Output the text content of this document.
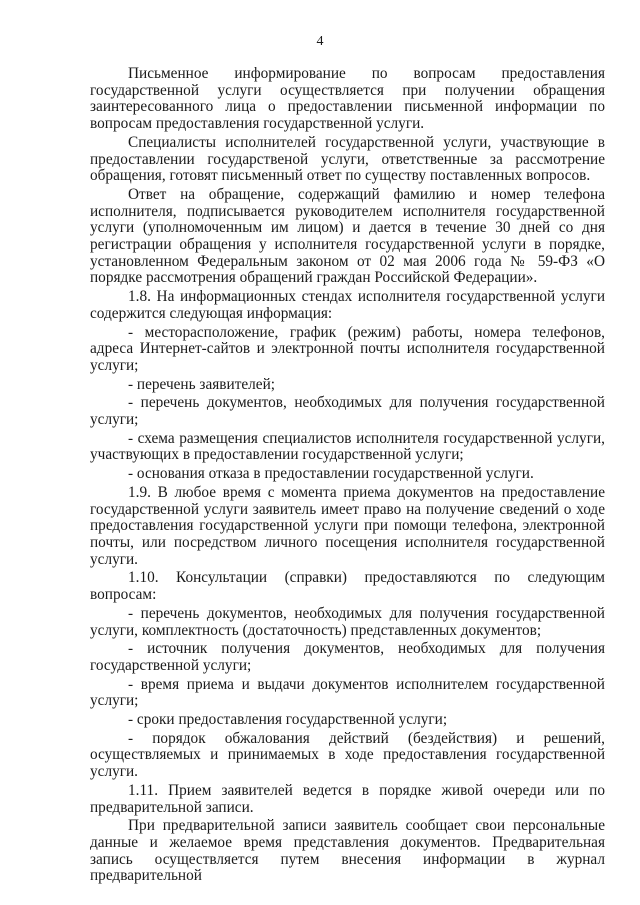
4

Письменное информирование по вопросам предоставления государственной услуги осуществляется при получении обращения заинтересованного лица о предоставлении письменной информации по вопросам предоставления государственной услуги.

Специалисты исполнителей государственной услуги, участвующие в предоставлении государственой услуги, ответственные за рассмотрение обращения, готовят письменный ответ по существу поставленных вопросов.

Ответ на обращение, содержащий фамилию и номер телефона исполнителя, подписывается руководителем исполнителя государственной услуги (уполномоченным им лицом) и дается в течение 30 дней со дня регистрации обращения у исполнителя государственной услуги в порядке, установленном Федеральным законом от 02 мая 2006 года № 59-ФЗ «О порядке рассмотрения обращений граждан Российской Федерации».

1.8. На информационных стендах исполнителя государственной услуги содержится следующая информация:

- месторасположение, график (режим) работы, номера телефонов, адреса Интернет-сайтов и электронной почты исполнителя государственной услуги;

- перечень заявителей;

- перечень документов, необходимых для получения государственной услуги;

- схема размещения специалистов исполнителя государственной услуги, участвующих в предоставлении государственной услуги;

- основания отказа в предоставлении государственной услуги.

1.9. В любое время с момента приема документов на предоставление государственной услуги заявитель имеет право на получение сведений о ходе предоставления государственной услуги при помощи телефона, электронной почты, или посредством личного посещения исполнителя государственной услуги.

1.10. Консультации (справки) предоставляются по следующим вопросам:

- перечень документов, необходимых для получения государственной услуги, комплектность (достаточность) представленных документов;

- источник получения документов, необходимых для получения государственной услуги;

- время приема и выдачи документов исполнителем государственной услуги;

- сроки предоставления государственной услуги;

- порядок обжалования действий (бездействия) и решений, осуществляемых и принимаемых в ходе предоставления государственной услуги.

1.11. Прием заявителей ведется в порядке живой очереди или по предварительной записи.

При предварительной записи заявитель сообщает свои персональные данные и желаемое время представления документов. Предварительная запись осуществляется путем внесения информации в журнал предварительной
